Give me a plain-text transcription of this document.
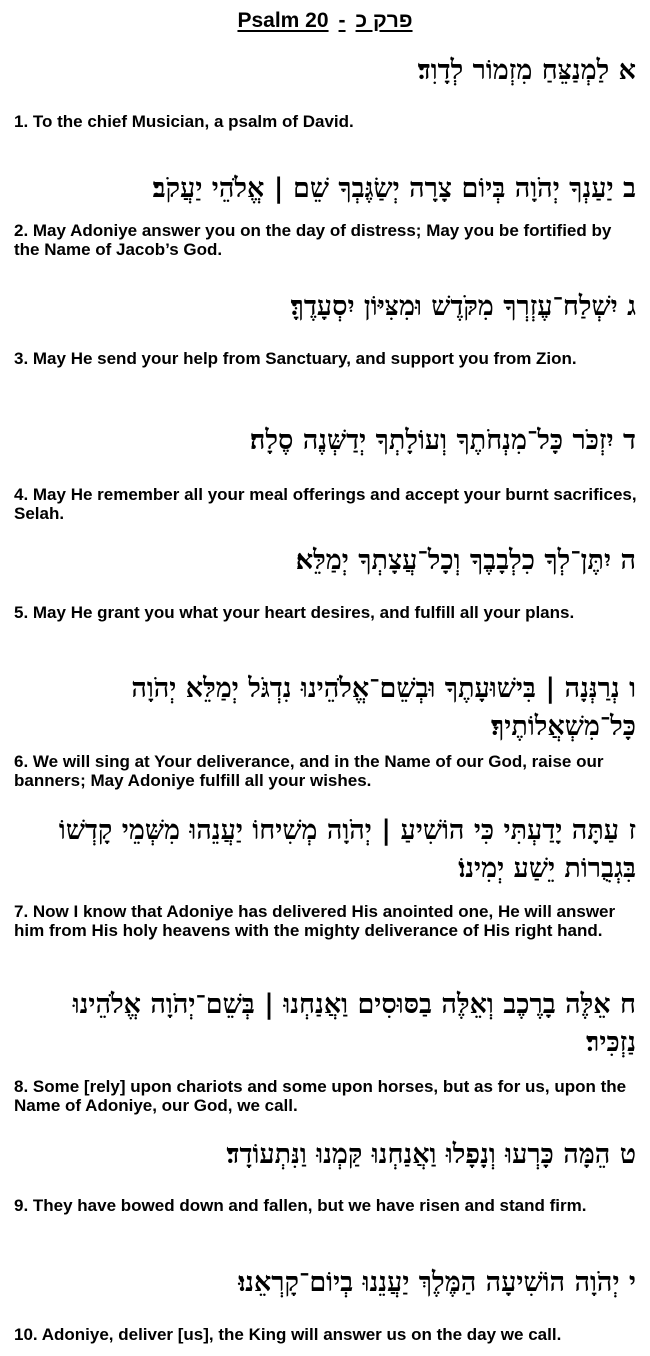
Psalm 20 - פרק כ
א לַמְנַצֵּחַ מִזְמוֹר לְדָוִד׃
1. To the chief Musician, a psalm of David.
ב יַעַנְךָ יְהֹוָה בְּיוֹם צָרָה יְשַׂגֶּבְךָ שֵׁם | אֱלֹהֵי יַעֲקֹב׃
2. May Adoniye answer you on the day of distress; May you be fortified by the Name of Jacob’s God.
ג יִשְׁלַח־עֶזְרְךָ מִקֹּדֶשׁ וּמִצִּיּוֹן יִסְעָדֶךָּ׃
3. May He send your help from Sanctuary, and support you from Zion.
ד יִזְכֹּר כָּל־מִנְחֹתֶךָ וְעוֹלָתְךָ יְדַשְּׁנֶה סֶלָה׃
4. May He remember all your meal offerings and accept your burnt sacrifices, Selah.
ה יִתֶּן־לְךָ כִלְבָבֶךָ וְכָל־עֲצָתְךָ יְמַלֵּא׃
5. May He grant you what your heart desires, and fulfill all your plans.
ו נְרַנְּנָה | בִּישׁוּעָתֶךָ וּבְשֵׁם־אֱלֹהֵינוּ נִדְגֹּל יְמַלֵּא יְהֹוָה כָּל־מִשְׁאֲלוֹתֶיךָ׃
6. We will sing at Your deliverance, and in the Name of our God, raise our banners; May Adoniye fulfill all your wishes.
ז עַתָּה יָדַעְתִּי כִּי הוֹשִׁיעַ | יְהֹוָה מְשִׁיחוֹ יַעֲנֵהוּ מִשְּׁמֵי קָדְשׁוֹ בִּגְבֻרוֹת יֵשַׁע יְמִינוֹ׃
7. Now I know that Adoniye has delivered His anointed one, He will answer him from His holy heavens with the mighty deliverance of His right hand.
ח אֵלֶּה בָרֶכֶב וְאֵלֶּה בַסּוּסִים וַאֲנַחְנוּ | בְּשֵׁם־יְהֹוָה אֱלֹהֵינוּ נַזְכִּיר׃
8. Some [rely] upon chariots and some upon horses, but as for us, upon the Name of Adoniye, our God, we call.
ט הֵמָּה כָּרְעוּ וְנָפָלוּ וַאֲנַחְנוּ קַּמְנוּ וַנִּתְעוֹדָד׃
9. They have bowed down and fallen, but we have risen and stand firm.
י יְהֹוָה הוֹשִׁיעָה הַמֶּלֶךְ יַעֲנֵנוּ בְיוֹם־קָרְאֵנוּ׃
10. Adoniye, deliver [us], the King will answer us on the day we call.
